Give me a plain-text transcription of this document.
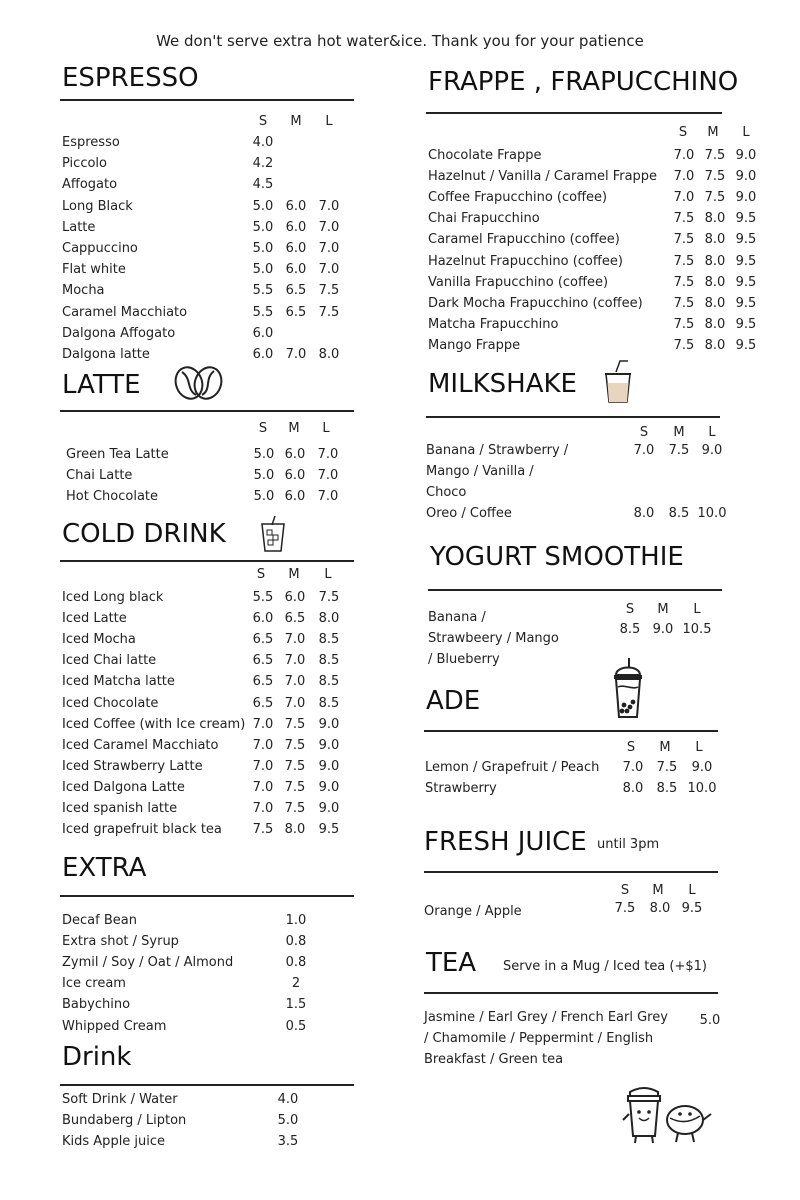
We don't serve extra hot water&ice. Thank you for your patience
ESPRESSO
S	M	L
Espresso	4.0
Piccolo	4.2
Affogato	4.5
Long Black	5.0 6.0 7.0
Latte	5.0 6.0 7.0
Cappuccino	5.0 6.0 7.0
Flat white	5.0 6.0 7.0
Mocha	5.5 6.5 7.5
Caramel Macchiato	5.5 6.5 7.5
Dalgona Affogato	6.0
Dalgona latte	6.0 7.0 8.0
LATTE
S	M	L
Green Tea Latte	5.0 6.0 7.0
Chai Latte	5.0 6.0 7.0
Hot Chocolate	5.0 6.0 7.0
COLD DRINK
S	M	L
Iced Long black	5.5 6.0	7.5
Iced Latte	6.0 6.5	8.0
Iced Mocha	6.5 7.0	8.5
Iced Chai latte	6.5 7.0	8.5
Iced Matcha latte	6.5 7.0	8.5
Iced Chocolate	6.5 7.0	8.5
Iced Coffee (with Ice cream) 7.0 7.5	9.0
Iced Caramel Macchiato	7.0 7.5	9.0
Iced Strawberry Latte	7.0 7.5	9.0
Iced Dalgona Latte	7.0 7.5	9.0
Iced spanish latte	7.0 7.5	9.0
Iced grapefruit black tea	7.5 8.0	9.5
EXTRA
Decaf Bean	1.0
Extra shot / Syrup	0.8
Zymil / Soy / Oat / Almond	0.8
Ice cream	2
Babychino	1.5
Whipped Cream	0.5
Drink
Soft Drink / Water	4.0
Bundaberg / Lipton	5.0
Kids Apple juice	3.5
FRAPPE , FRAPUCCHINO
S	M	L
Chocolate Frappe	7.0 7.5 9.0
Hazelnut / Vanilla / Caramel Frappe	7.0 7.5 9.0
Coffee Frapucchino (coffee)	7.0 7.5 9.0
Chai Frapucchino	7.5 8.0 9.5
Caramel Frapucchino (coffee)	7.5 8.0 9.5
Hazelnut Frapucchino (coffee)	7.5 8.0 9.5
Vanilla Frapucchino (coffee)	7.5 8.0 9.5
Dark Mocha Frapucchino (coffee)	7.5 8.0 9.5
Matcha Frapucchino	7.5 8.0 9.5
Mango Frappe	7.5 8.0 9.5
MILKSHAKE
S	M	L
Banana / Strawberry /
Mango / Vanilla /
Choco
7.0	7.5 9.0
Oreo / Coffee	8.0	8.5 10.0
YOGURT SMOOTHIE
S	M	L
Banana /
Strawbeery / Mango
/ Blueberry
8.5 9.0 10.5
ADE
S	M	L
Lemon / Grapefruit / Peach	7.0	7.5	9.0
Strawberry	8.0	8.5 10.0
FRESH JUICE until 3pm
S	M	L
Orange / Apple	7.5	8.0 9.5
TEA Serve in a Mug / Iced tea (+$1)
Jasmine / Earl Grey / French Earl Grey
/ Chamomile / Peppermint / English
Breakfast / Green tea
5.0
